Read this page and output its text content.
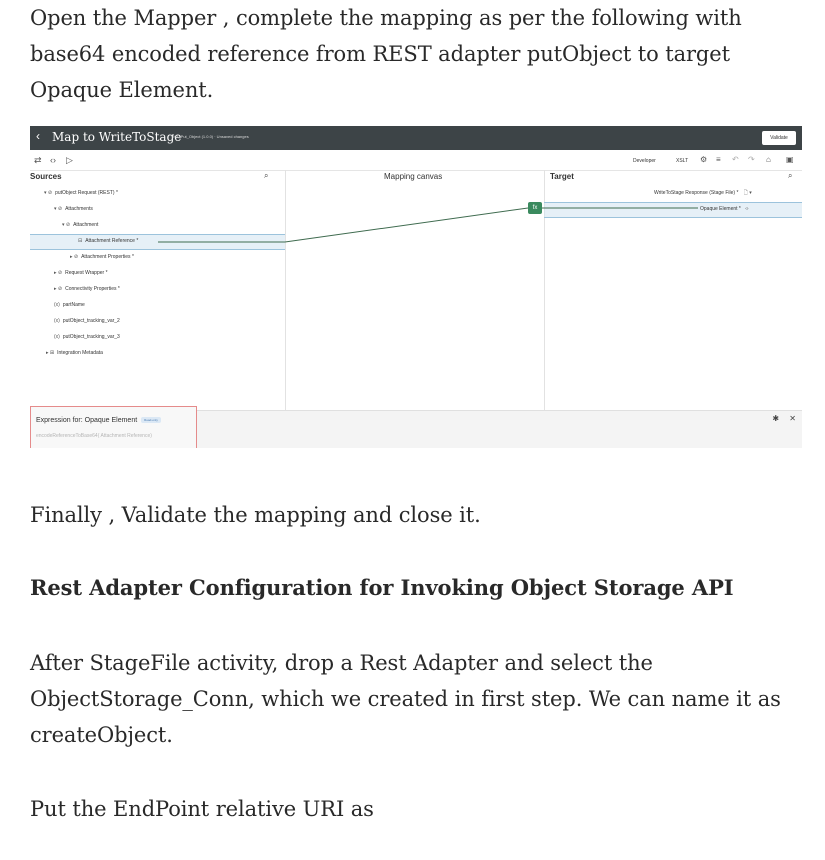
Open the Mapper , complete the mapping as per the following with base64 encoded reference from REST adapter putObject to target Opaque Element.

‹ Map to WriteToStage
INT_Put_Object (1.0.0) · Unsaved changes	Validate
⇄ ‹› ▷	Developer	XSLT ⚙ ≡ ↶ ↷ ⌂ ▣
Sources	⌕	Mapping canvas	Target	⌕
fx
▾ ⊘ putObject Request (REST) *
▾ ⊘ Attachments
▾ ⊘ Attachment
⊟ Attachment Reference *
▸ ⊘ Attachment Properties *
▸ ⊘ Request Wrapper *
▸ ⊘ Connectivity Properties *
(x) partName
(x) putObject_tracking_var_2
(x) putObject_tracking_var_3
▸ ⊞ Integration Metadata
WriteToStage Response (Stage File) * 🗋 ▾
Opaque Element * ‹›
Expression for: Opaque Element Read-only
encodeReferenceToBase64( Attachment Reference)
✱ ✕

Finally , Validate the mapping and close it.

Rest Adapter Configuration for Invoking Object Storage API

After StageFile activity, drop a Rest Adapter and select the ObjectStorage_Conn, which we created in first step. We can name it as createObject.

Put the EndPoint relative URI as
